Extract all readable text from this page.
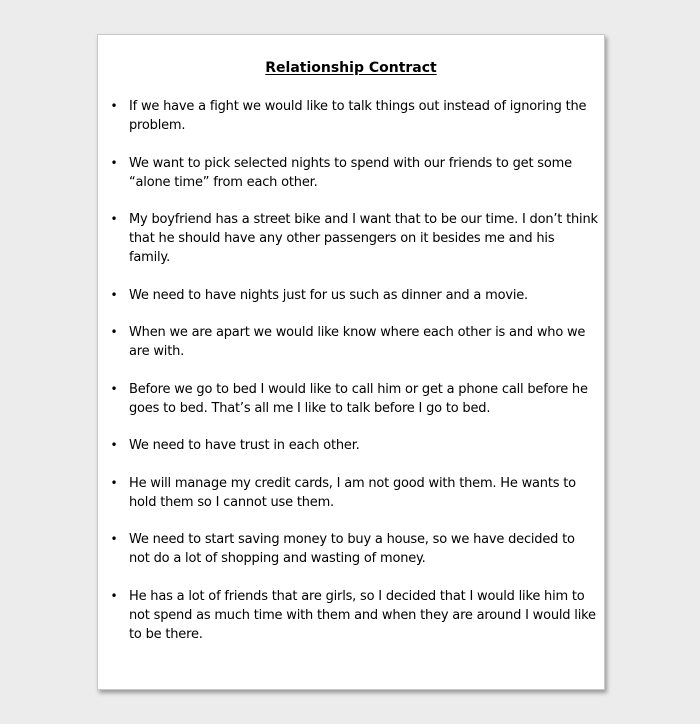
Relationship Contract
• If we have a fight we would like to talk things out instead of ignoring the problem.
• We want to pick selected nights to spend with our friends to get some “alone time” from each other.
• My boyfriend has a street bike and I want that to be our time. I don’t think that he should have any other passengers on it besides me and his family.
• We need to have nights just for us such as dinner and a movie.
• When we are apart we would like know where each other is and who we are with.
• Before we go to bed I would like to call him or get a phone call before he goes to bed. That’s all me I like to talk before I go to bed.
• We need to have trust in each other.
• He will manage my credit cards, I am not good with them. He wants to hold them so I cannot use them.
• We need to start saving money to buy a house, so we have decided to not do a lot of shopping and wasting of money.
• He has a lot of friends that are girls, so I decided that I would like him to not spend as much time with them and when they are around I would like to be there.
